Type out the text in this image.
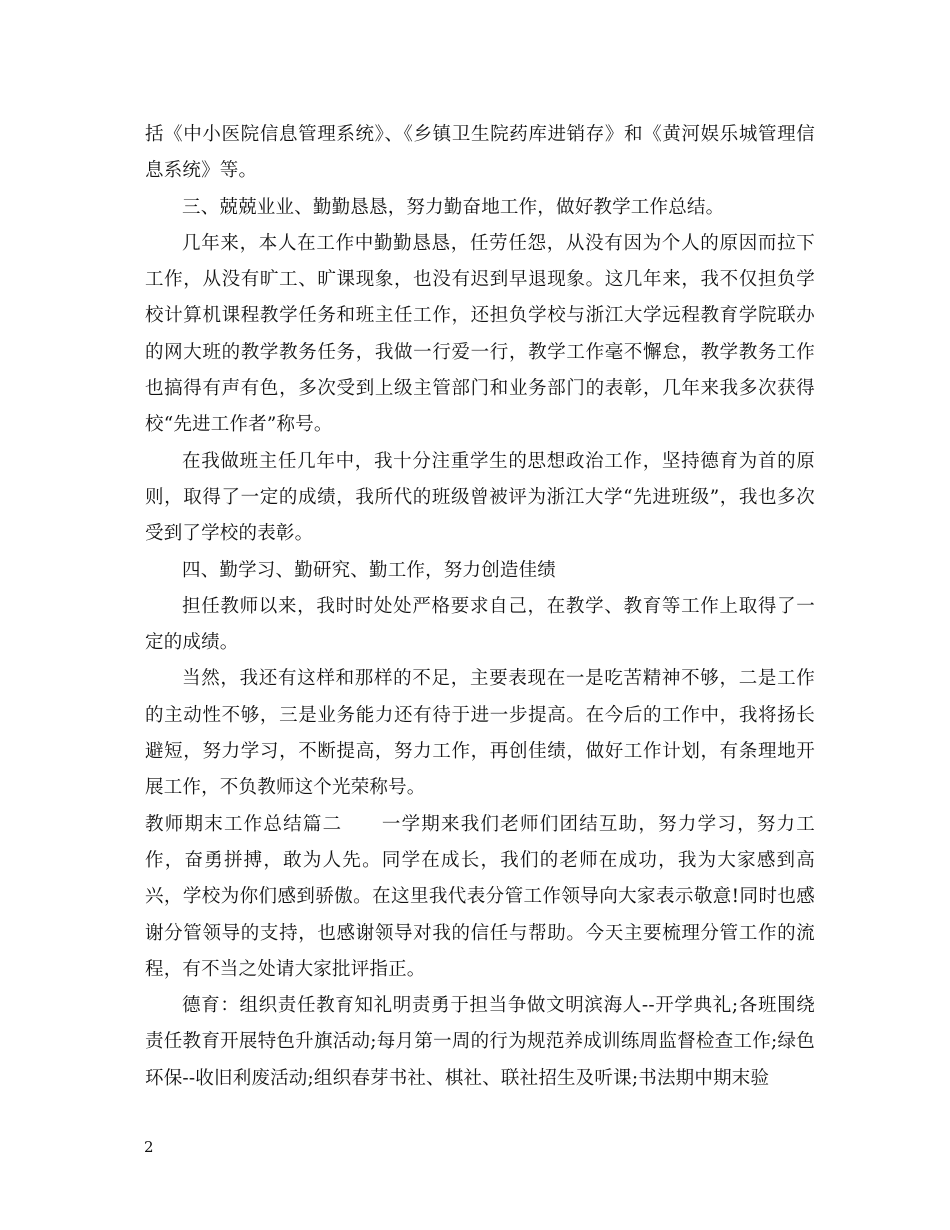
括《中小医院信息管理系统》、《乡镇卫生院药库进销存》和《黄河娱乐城管理信息系统》等。

三、兢兢业业、勤勤恳恳，努力勤奋地工作，做好教学工作总结。

几年来，本人在工作中勤勤恳恳，任劳任怨，从没有因为个人的原因而拉下工作，从没有旷工、旷课现象，也没有迟到早退现象。这几年来，我不仅担负学校计算机课程教学任务和班主任工作，还担负学校与浙江大学远程教育学院联办的网大班的教学教务任务，我做一行爱一行，教学工作毫不懈怠，教学教务工作也搞得有声有色，多次受到上级主管部门和业务部门的表彰，几年来我多次获得校“先进工作者”称号。

在我做班主任几年中，我十分注重学生的思想政治工作，坚持德育为首的原则，取得了一定的成绩，我所代的班级曾被评为浙江大学“先进班级”，我也多次受到了学校的表彰。

四、勤学习、勤研究、勤工作，努力创造佳绩

担任教师以来，我时时处处严格要求自己，在教学、教育等工作上取得了一定的成绩。

当然，我还有这样和那样的不足，主要表现在一是吃苦精神不够，二是工作的主动性不够，三是业务能力还有待于进一步提高。在今后的工作中，我将扬长避短，努力学习，不断提高，努力工作，再创佳绩，做好工作计划，有条理地开展工作，不负教师这个光荣称号。

教师期末工作总结篇二　　一学期来我们老师们团结互助，努力学习，努力工作，奋勇拼搏，敢为人先。同学在成长，我们的老师在成功，我为大家感到高兴，学校为你们感到骄傲。在这里我代表分管工作领导向大家表示敬意!同时也感谢分管领导的支持，也感谢领导对我的信任与帮助。今天主要梳理分管工作的流程，有不当之处请大家批评指正。

德育：组织责任教育知礼明责勇于担当争做文明滨海人--开学典礼;各班围绕责任教育开展特色升旗活动;每月第一周的行为规范养成训练周监督检查工作;绿色环保--收旧利废活动;组织春芽书社、棋社、联社招生及听课;书法期中期末验

2
